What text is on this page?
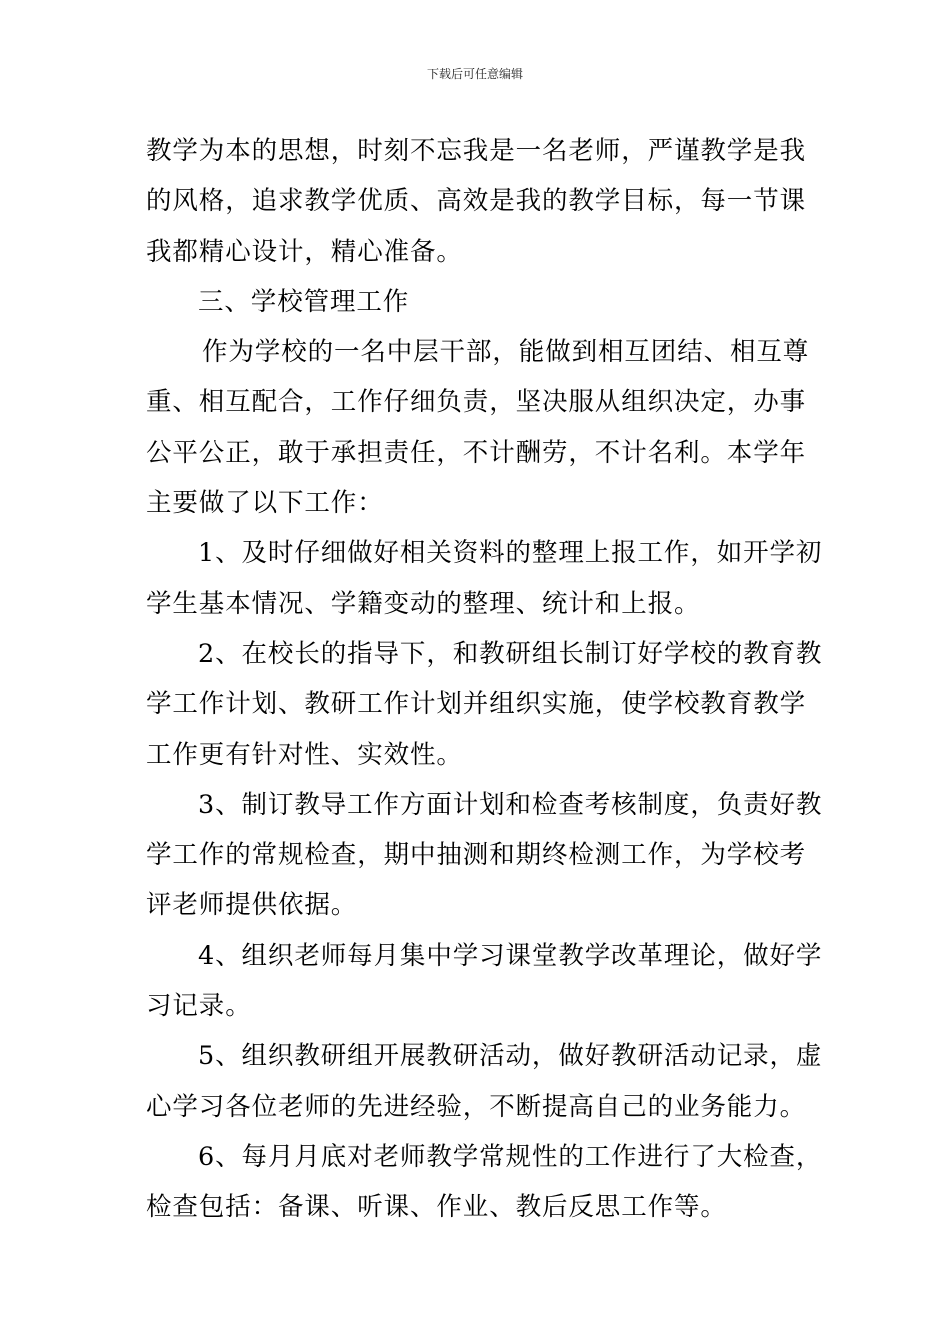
下载后可任意编辑
教学为本的思想，时刻不忘我是一名老师，严谨教学是我
的风格，追求教学优质、高效是我的教学目标，每一节课
我都精心设计，精心准备。
三、学校管理工作
作为学校的一名中层干部，能做到相互团结、相互尊
重、相互配合，工作仔细负责，坚决服从组织决定，办事
公平公正，敢于承担责任，不计酬劳，不计名利。本学年
主要做了以下工作：
1、及时仔细做好相关资料的整理上报工作，如开学初
学生基本情况、学籍变动的整理、统计和上报。
2、在校长的指导下，和教研组长制订好学校的教育教
学工作计划、教研工作计划并组织实施，使学校教育教学
工作更有针对性、实效性。
3、制订教导工作方面计划和检查考核制度，负责好教
学工作的常规检查，期中抽测和期终检测工作，为学校考
评老师提供依据。
4、组织老师每月集中学习课堂教学改革理论，做好学
习记录。
5、组织教研组开展教研活动，做好教研活动记录，虚
心学习各位老师的先进经验，不断提高自己的业务能力。
6、每月月底对老师教学常规性的工作进行了大检查，
检查包括：备课、听课、作业、教后反思工作等。
